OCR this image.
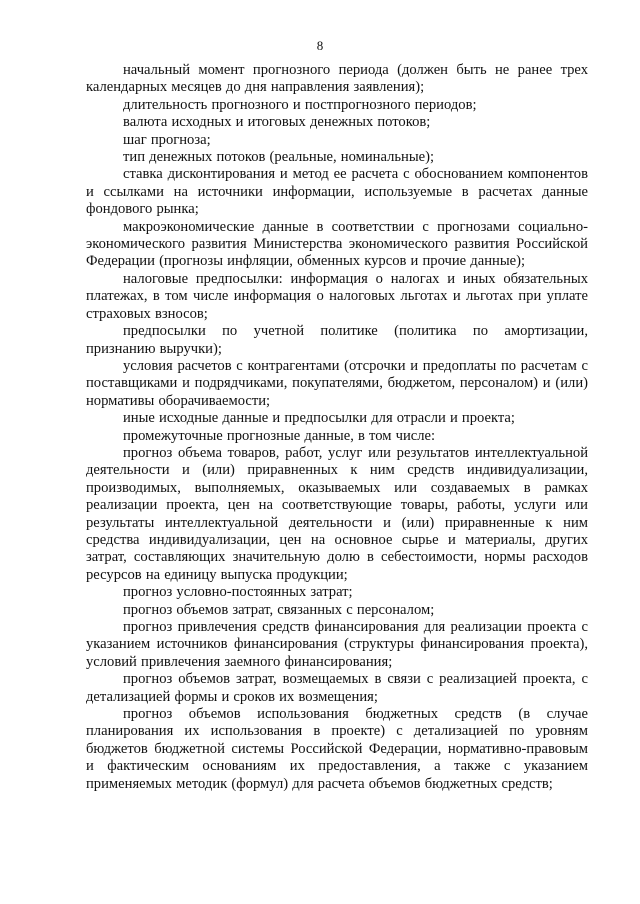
8

начальный момент прогнозного периода (должен быть не ранее трех календарных месяцев до дня направления заявления);

длительность прогнозного и постпрогнозного периодов;

валюта исходных и итоговых денежных потоков;

шаг прогноза;

тип денежных потоков (реальные, номинальные);

ставка дисконтирования и метод ее расчета с обоснованием компонентов и ссылками на источники информации, используемые в расчетах данные фондового рынка;

макроэкономические данные в соответствии с прогнозами социально-экономического развития Министерства экономического развития Российской Федерации (прогнозы инфляции, обменных курсов и прочие данные);

налоговые предпосылки: информация о налогах и иных обязательных платежах, в том числе информация о налоговых льготах и льготах при уплате страховых взносов;

предпосылки по учетной политике (политика по амортизации, признанию выручки);

условия расчетов с контрагентами (отсрочки и предоплаты по расчетам с поставщиками и подрядчиками, покупателями, бюджетом, персоналом) и (или) нормативы оборачиваемости;

иные исходные данные и предпосылки для отрасли и проекта;

промежуточные прогнозные данные, в том числе:

прогноз объема товаров, работ, услуг или результатов интеллектуальной деятельности и (или) приравненных к ним средств индивидуализации, производимых, выполняемых, оказываемых или создаваемых в рамках реализации проекта, цен на соответствующие товары, работы, услуги или результаты интеллектуальной деятельности и (или) приравненные к ним средства индивидуализации, цен на основное сырье и материалы, других затрат, составляющих значительную долю в себестоимости, нормы расходов ресурсов на единицу выпуска продукции;

прогноз условно-постоянных затрат;

прогноз объемов затрат, связанных с персоналом;

прогноз привлечения средств финансирования для реализации проекта с указанием источников финансирования (структуры финансирования проекта), условий привлечения заемного финансирования;

прогноз объемов затрат, возмещаемых в связи с реализацией проекта, с детализацией формы и сроков их возмещения;

прогноз объемов использования бюджетных средств (в случае планирования их использования в проекте) с детализацией по уровням бюджетов бюджетной системы Российской Федерации, нормативно-правовым и фактическим основаниям их предоставления, а также с указанием применяемых методик (формул) для расчета объемов бюджетных средств;
